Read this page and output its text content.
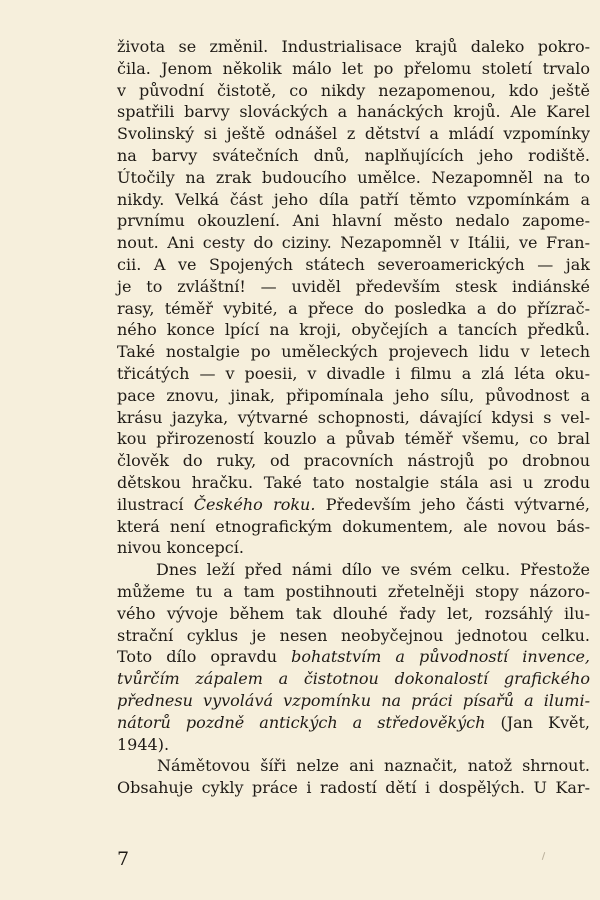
života se změnil. Industrialisace krajů daleko pokro-
čila. Jenom několik málo let po přelomu století trvalo
v původní čistotě, co nikdy nezapomenou, kdo ještě
spatřili barvy slováckých a hanáckých krojů. Ale Karel
Svolinský si ještě odnášel z dětství a mládí vzpomínky
na barvy svátečních dnů, naplňujících jeho rodiště.
Útočily na zrak budoucího umělce. Nezapomněl na to
nikdy. Velká část jeho díla patří těmto vzpomínkám a
prvnímu okouzlení. Ani hlavní město nedalo zapome-
nout. Ani cesty do ciziny. Nezapomněl v Itálii, ve Fran-
cii. A ve Spojených státech severoamerických — jak
je to zvláštní! — uviděl především stesk indiánské
rasy, téměř vybité, a přece do posledka a do přízrač-
ného konce lpící na kroji, obyčejích a tancích předků.
Také nostalgie po uměleckých projevech lidu v letech
třicátých — v poesii, v divadle i filmu a zlá léta oku-
pace znovu, jinak, připomínala jeho sílu, původnost a
krásu jazyka, výtvarné schopnosti, dávající kdysi s vel-
kou přirozeností kouzlo a půvab téměř všemu, co bral
člověk do ruky, od pracovních nástrojů po drobnou
dětskou hračku. Také tato nostalgie stála asi u zrodu
ilustrací Českého roku. Především jeho části výtvarné,
která není etnografickým dokumentem, ale novou bás-
nivou koncepcí.
Dnes leží před námi dílo ve svém celku. Přestože
můžeme tu a tam postihnouti zřetelněji stopy názoro-
vého vývoje během tak dlouhé řady let, rozsáhlý ilu-
strační cyklus je nesen neobyčejnou jednotou celku.
Toto dílo opravdu bohatstvím a původností invence,
tvůrčím zápalem a čistotnou dokonalostí grafického
přednesu vyvolává vzpomínku na práci písařů a ilumi-
nátorů pozdně antických a středověkých (Jan Květ,
1944).
Námětovou šíři nelze ani naznačit, natož shrnout.
Obsahuje cykly práce i radostí dětí i dospělých. U Kar-
7
